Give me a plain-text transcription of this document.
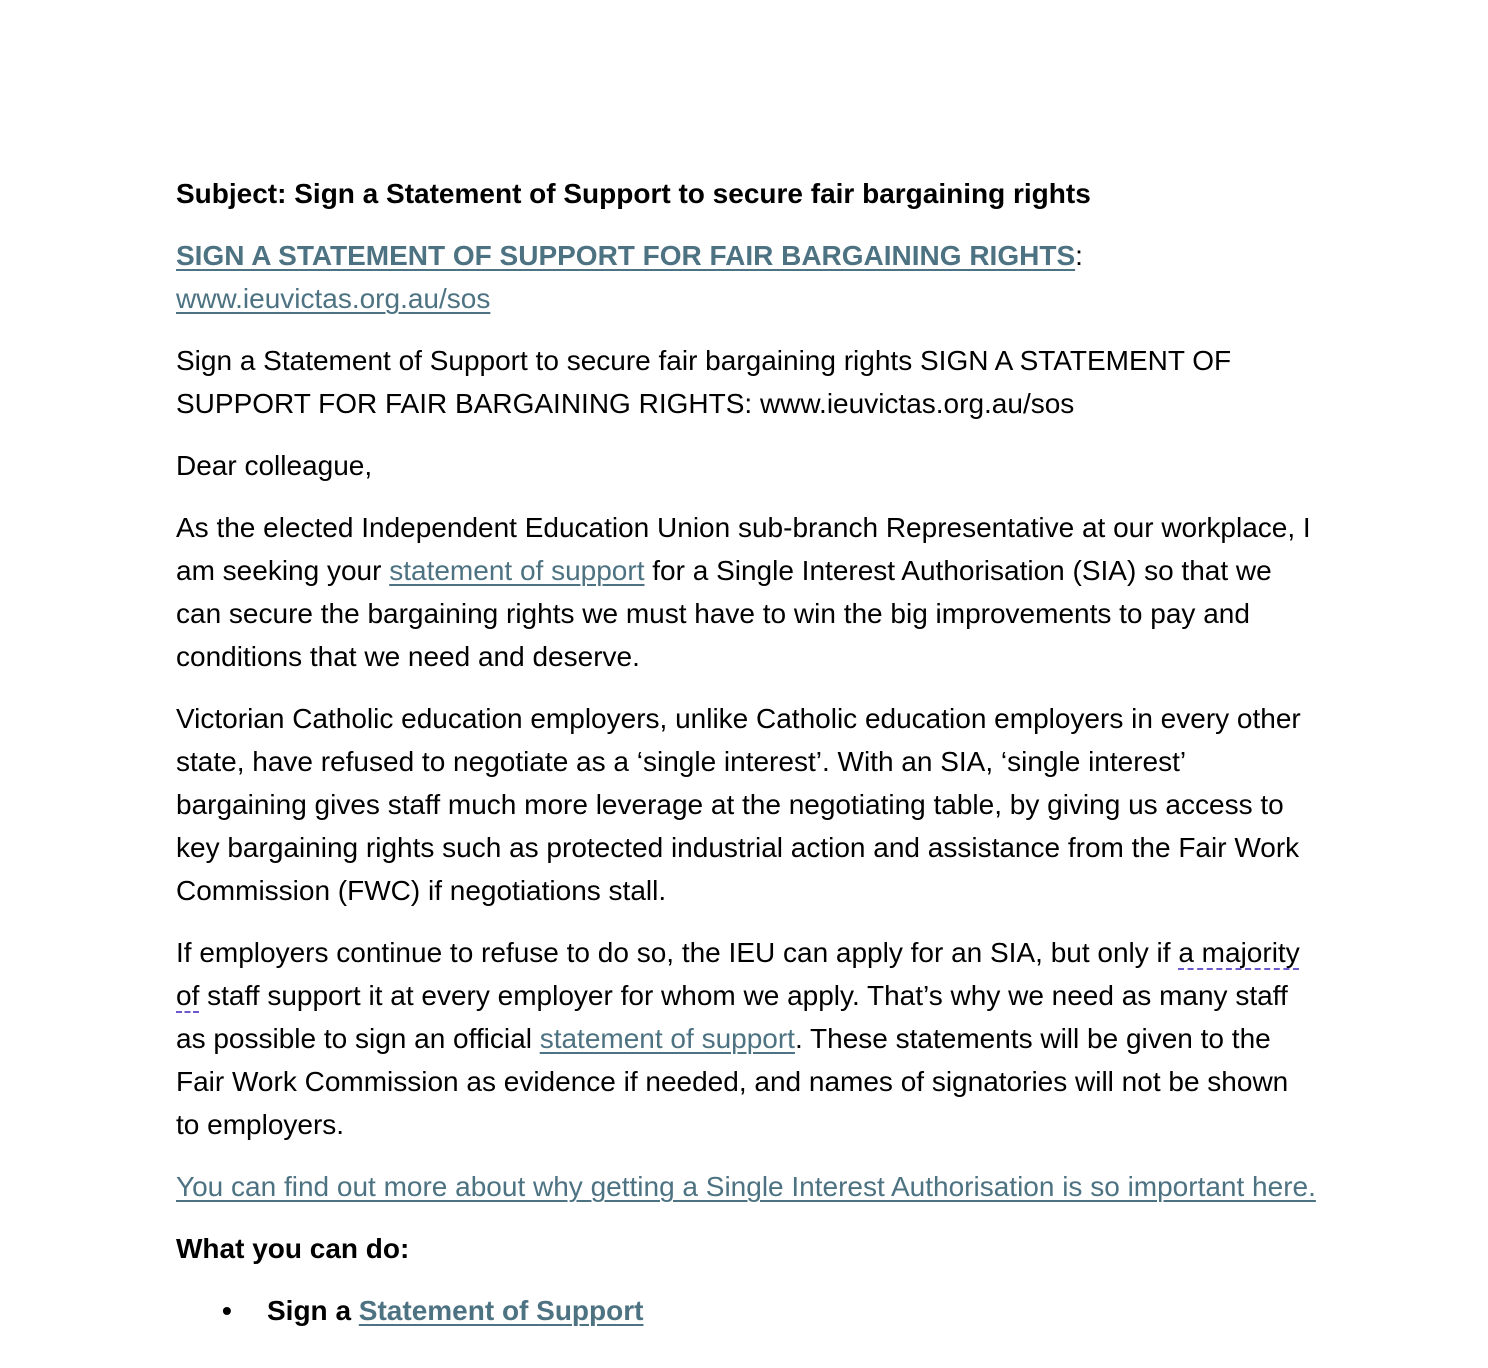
Subject: Sign a Statement of Support to secure fair bargaining rights

SIGN A STATEMENT OF SUPPORT FOR FAIR BARGAINING RIGHTS:
www.ieuvictas.org.au/sos

Sign a Statement of Support to secure fair bargaining rights SIGN A STATEMENT OF SUPPORT FOR FAIR BARGAINING RIGHTS: www.ieuvictas.org.au/sos

Dear colleague,

As the elected Independent Education Union sub-branch Representative at our workplace, I am seeking your statement of support for a Single Interest Authorisation (SIA) so that we can secure the bargaining rights we must have to win the big improvements to pay and conditions that we need and deserve.

Victorian Catholic education employers, unlike Catholic education employers in every other state, have refused to negotiate as a ‘single interest’. With an SIA, ‘single interest’ bargaining gives staff much more leverage at the negotiating table, by giving us access to key bargaining rights such as protected industrial action and assistance from the Fair Work Commission (FWC) if negotiations stall.

If employers continue to refuse to do so, the IEU can apply for an SIA, but only if a majority of staff support it at every employer for whom we apply. That’s why we need as many staff as possible to sign an official statement of support. These statements will be given to the Fair Work Commission as evidence if needed, and names of signatories will not be shown to employers.

You can find out more about why getting a Single Interest Authorisation is so important here.

What you can do:

• Sign a Statement of Support
